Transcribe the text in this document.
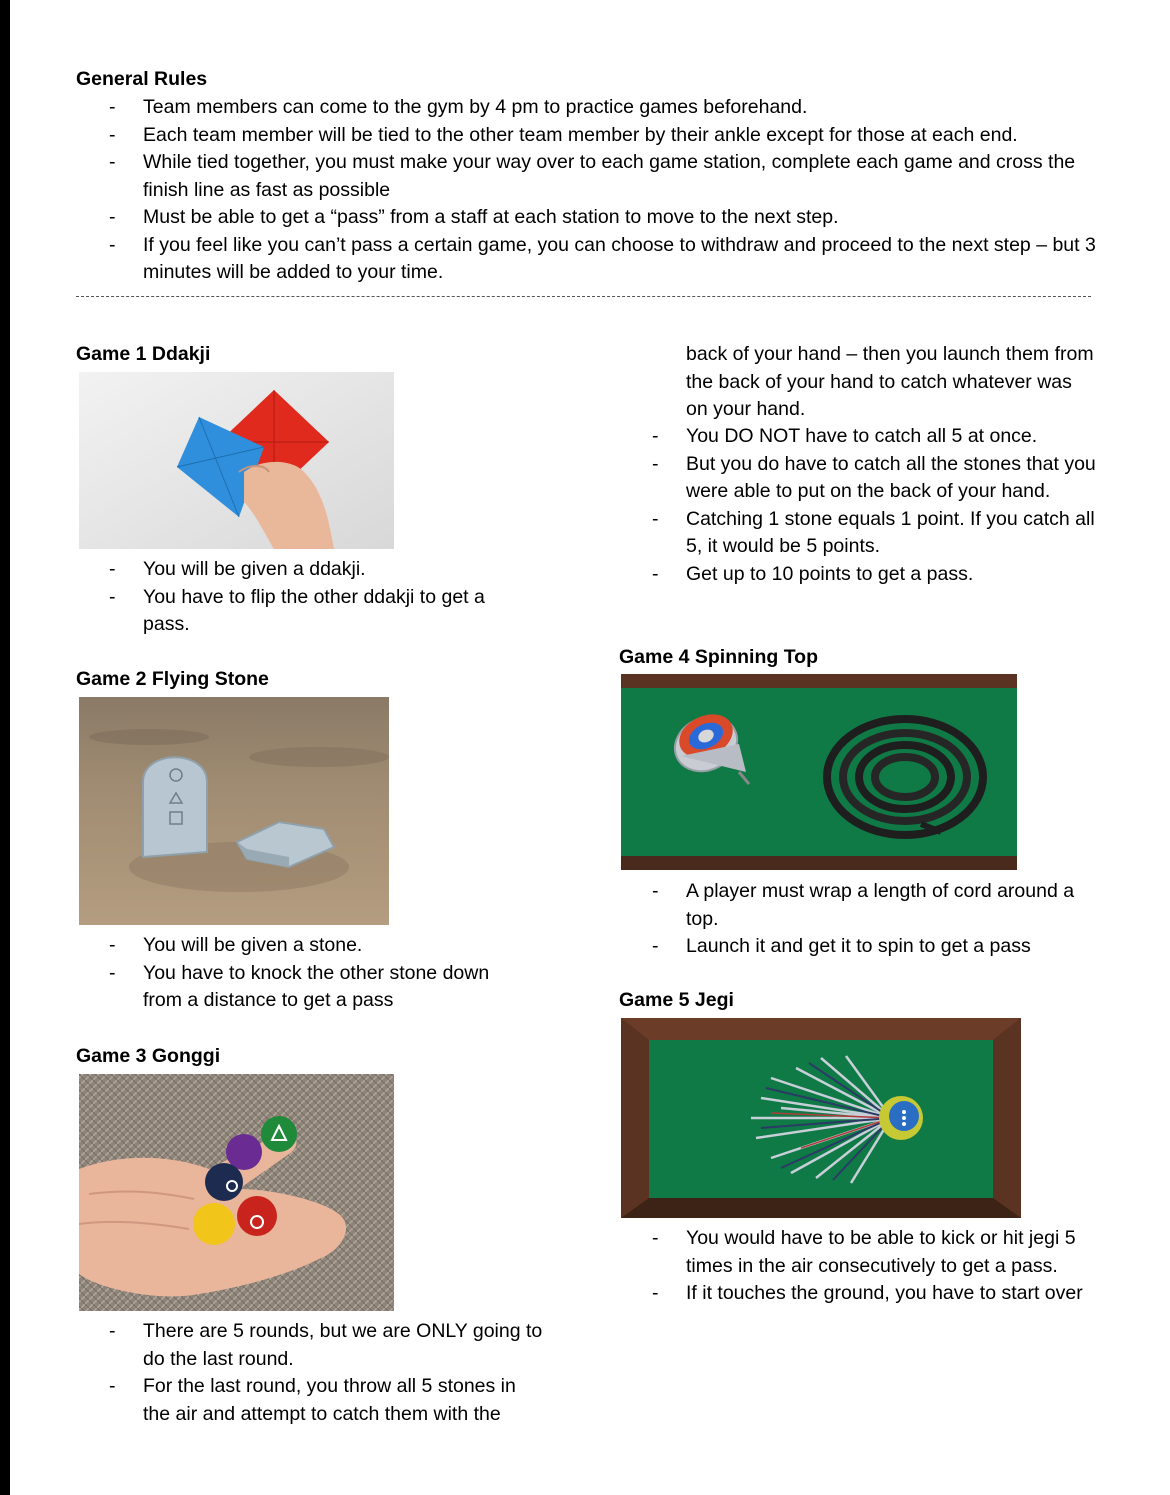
General Rules
- Team members can come to the gym by 4 pm to practice games beforehand.
- Each team member will be tied to the other team member by their ankle except for those at each end.
- While tied together, you must make your way over to each game station, complete each game and cross the finish line as fast as possible
- Must be able to get a “pass” from a staff at each station to move to the next step.
- If you feel like you can’t pass a certain game, you can choose to withdraw and proceed to the next step – but 3 minutes will be added to your time.
Game 1 Ddakji
- You will be given a ddakji.
- You have to flip the other ddakji to get a pass.
Game 2 Flying Stone
- You will be given a stone.
- You have to knock the other stone down from a distance to get a pass
Game 3 Gonggi
- There are 5 rounds, but we are ONLY going to do the last round.
- For the last round, you throw all 5 stones in the air and attempt to catch them with the
back of your hand – then you launch them from the back of your hand to catch whatever was on your hand.
- You DO NOT have to catch all 5 at once.
- But you do have to catch all the stones that you were able to put on the back of your hand.
- Catching 1 stone equals 1 point. If you catch all 5, it would be 5 points.
- Get up to 10 points to get a pass.
Game 4 Spinning Top
- A player must wrap a length of cord around a top.
- Launch it and get it to spin to get a pass
Game 5 Jegi
- You would have to be able to kick or hit jegi 5 times in the air consecutively to get a pass.
- If it touches the ground, you have to start over
